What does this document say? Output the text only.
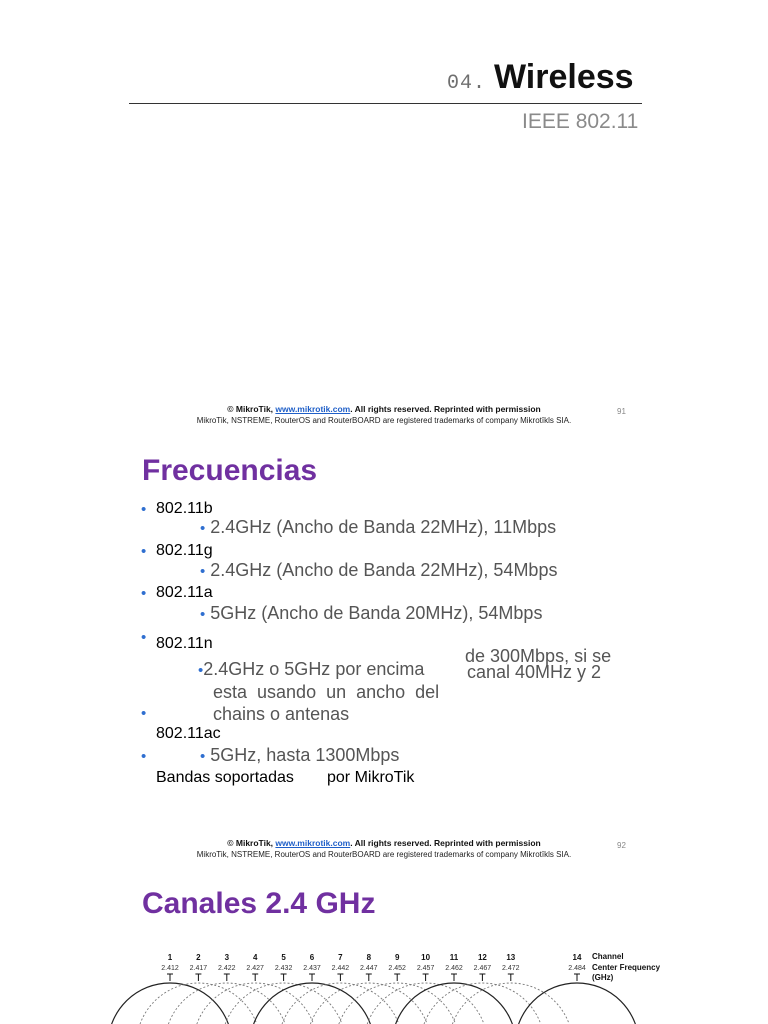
04. Wireless
IEEE 802.11
© MikroTik, www.mikrotik.com. All rights reserved. Reprinted with permission
MikroTik, NSTREME, RouterOS and RouterBOARD are registered trademarks of company Mikrotīkls SIA.
91
Frecuencias
• 802.11b
• 2.4GHz (Ancho de Banda 22MHz), 11Mbps
• 802.11g
• 2.4GHz (Ancho de Banda 22MHz), 54Mbps
• 802.11a
• 5GHz (Ancho de Banda 20MHz), 54Mbps
• 802.11n
•2.4GHz o 5GHz por encima
de 300Mbps, si se
canal 40MHz y 2
esta  usando  un  ancho  del
chains o antenas
•
802.11ac
•	• 5GHz, hasta 1300Mbps
Bandas soportadas por MikroTik
© MikroTik, www.mikrotik.com. All rights reserved. Reprinted with permission
MikroTik, NSTREME, RouterOS and RouterBOARD are registered trademarks of company Mikrotīkls SIA.
92
Canales 2.4 GHz
1
2.412
2
2.417
3
2.422
4
2.427
5
2.432
6
2.437
7
2.442
8
2.447
9
2.452
10
2.457
11
2.462
12
2.467
13
2.472
14
2.484
Channel
Center Frequency
(GHz)
